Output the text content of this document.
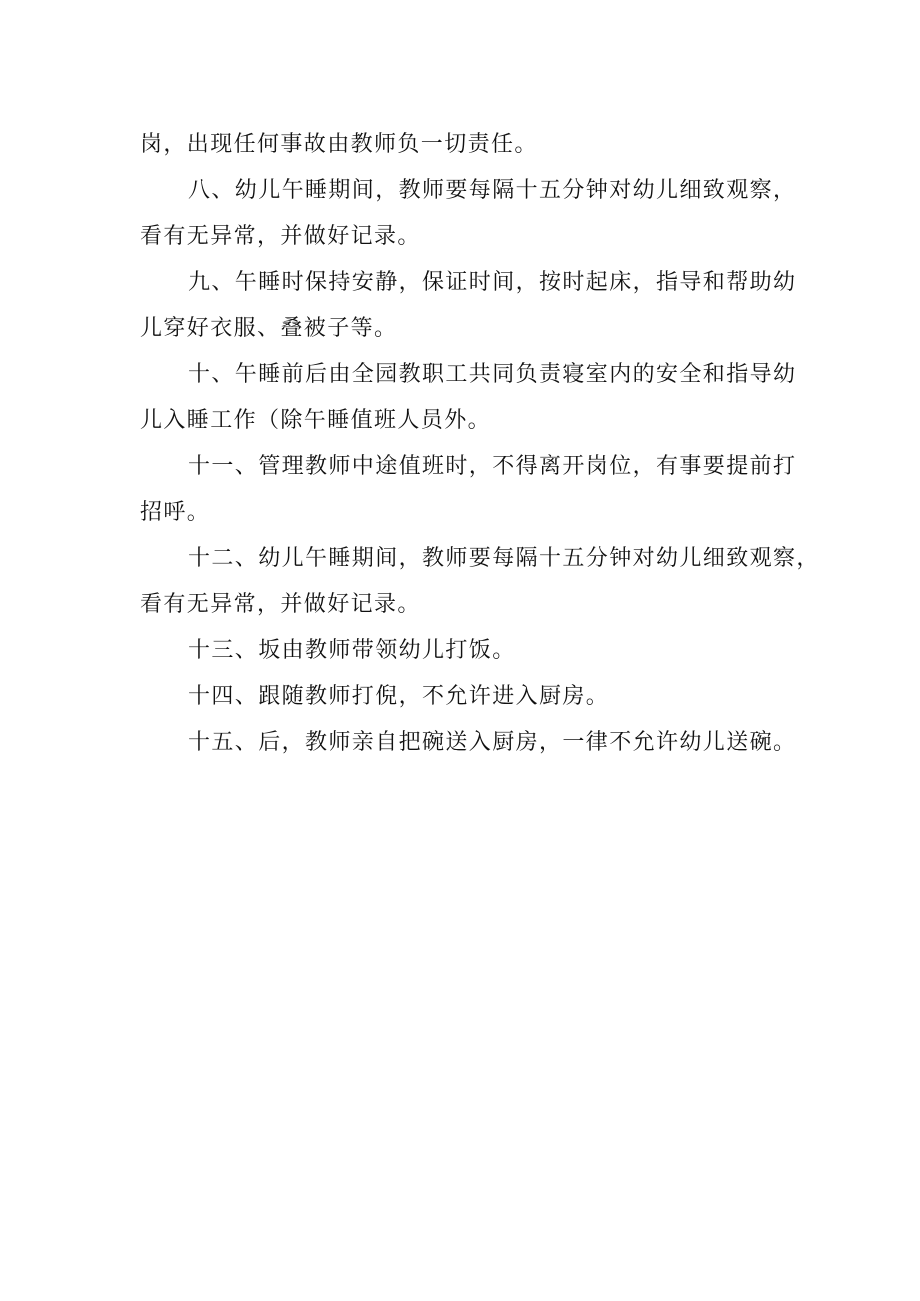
岗，出现任何事故由教师负一切责任。
八、幼儿午睡期间，教师要每隔十五分钟对幼儿细致观察，
看有无异常，并做好记录。
九、午睡时保持安静，保证时间，按时起床，指导和帮助幼
儿穿好衣服、叠被子等。
十、午睡前后由全园教职工共同负责寝室内的安全和指导幼
儿入睡工作（除午睡值班人员外。
十一、管理教师中途值班时，不得离开岗位，有事要提前打
招呼。
十二、幼儿午睡期间，教师要每隔十五分钟对幼儿细致观察，
看有无异常，并做好记录。
十三、坂由教师带领幼儿打饭。
十四、跟随教师打倪，不允许进入厨房。
十五、后，教师亲自把碗送入厨房，一律不允许幼儿送碗。
